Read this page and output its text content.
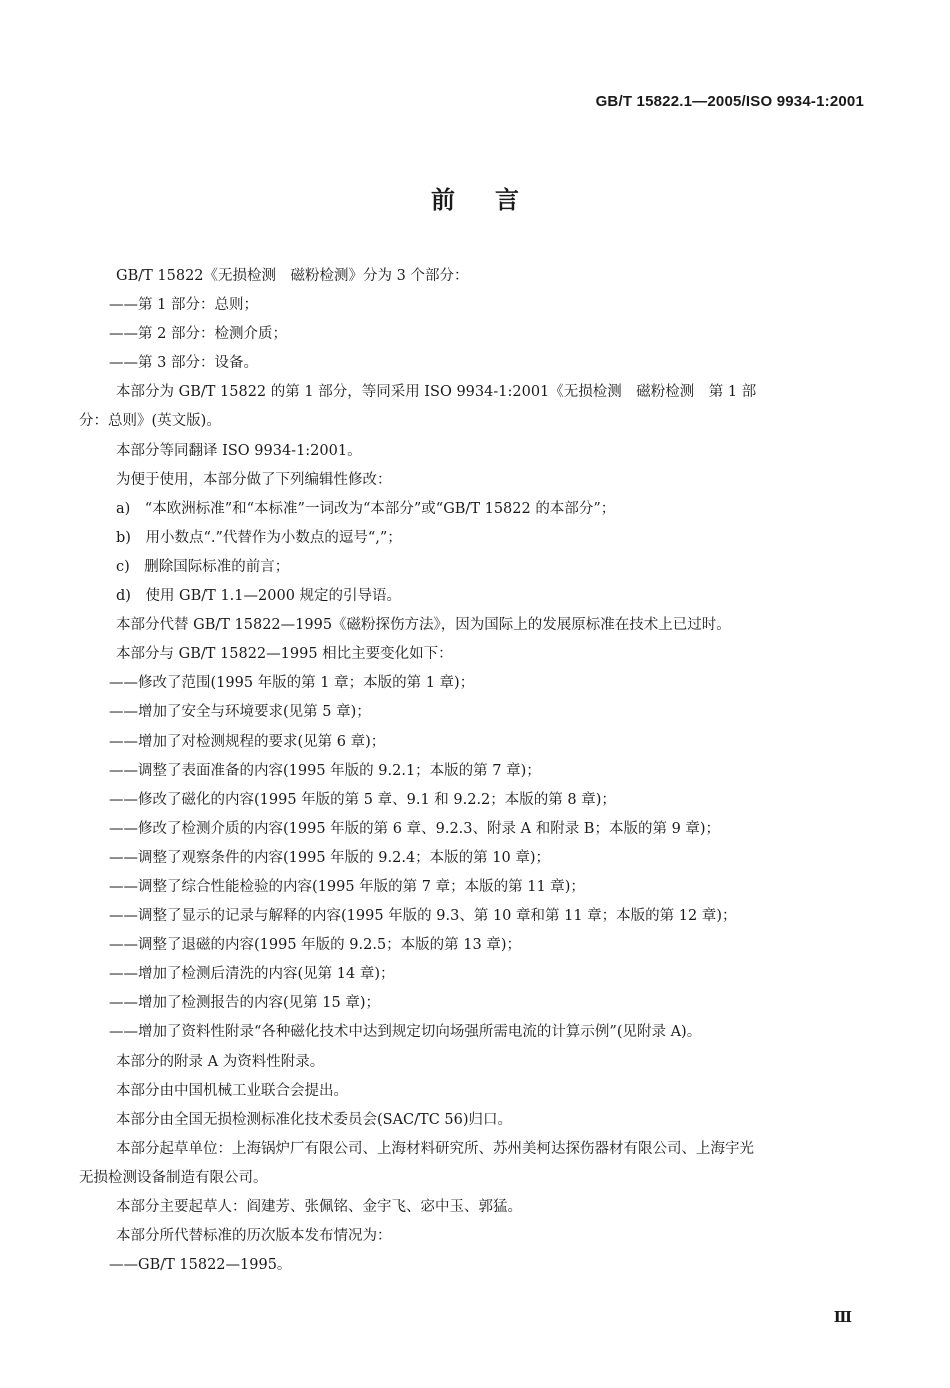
GB/T 15822.1—2005/ISO 9934-1:2001
前言
GB/T 15822《无损检测　磁粉检测》分为 3 个部分：
——第 1 部分：总则；
——第 2 部分：检测介质；
——第 3 部分：设备。
本部分为 GB/T 15822 的第 1 部分，等同采用 ISO 9934-1:2001《无损检测　磁粉检测　第 1 部
分：总则》(英文版)。
本部分等同翻译 ISO 9934-1:2001。
为便于使用，本部分做了下列编辑性修改：
a)　“本欧洲标准”和“本标准”一词改为“本部分”或“GB/T 15822 的本部分”；
b)　用小数点“.”代替作为小数点的逗号“,”；
c)　删除国际标准的前言；
d)　使用 GB/T 1.1—2000 规定的引导语。
本部分代替 GB/T 15822—1995《磁粉探伤方法》，因为国际上的发展原标准在技术上已过时。
本部分与 GB/T 15822—1995 相比主要变化如下：
——修改了范围(1995 年版的第 1 章；本版的第 1 章)；
——增加了安全与环境要求(见第 5 章)；
——增加了对检测规程的要求(见第 6 章)；
——调整了表面准备的内容(1995 年版的 9.2.1；本版的第 7 章)；
——修改了磁化的内容(1995 年版的第 5 章、9.1 和 9.2.2；本版的第 8 章)；
——修改了检测介质的内容(1995 年版的第 6 章、9.2.3、附录 A 和附录 B；本版的第 9 章)；
——调整了观察条件的内容(1995 年版的 9.2.4；本版的第 10 章)；
——调整了综合性能检验的内容(1995 年版的第 7 章；本版的第 11 章)；
——调整了显示的记录与解释的内容(1995 年版的 9.3、第 10 章和第 11 章；本版的第 12 章)；
——调整了退磁的内容(1995 年版的 9.2.5；本版的第 13 章)；
——增加了检测后清洗的内容(见第 14 章)；
——增加了检测报告的内容(见第 15 章)；
——增加了资料性附录“各种磁化技术中达到规定切向场强所需电流的计算示例”(见附录 A)。
本部分的附录 A 为资料性附录。
本部分由中国机械工业联合会提出。
本部分由全国无损检测标准化技术委员会(SAC/TC 56)归口。
本部分起草单位：上海锅炉厂有限公司、上海材料研究所、苏州美柯达探伤器材有限公司、上海宇光
无损检测设备制造有限公司。
本部分主要起草人：阎建芳、张佩铭、金宇飞、宓中玉、郭猛。
本部分所代替标准的历次版本发布情况为：
——GB/T 15822—1995。
Ⅲ
